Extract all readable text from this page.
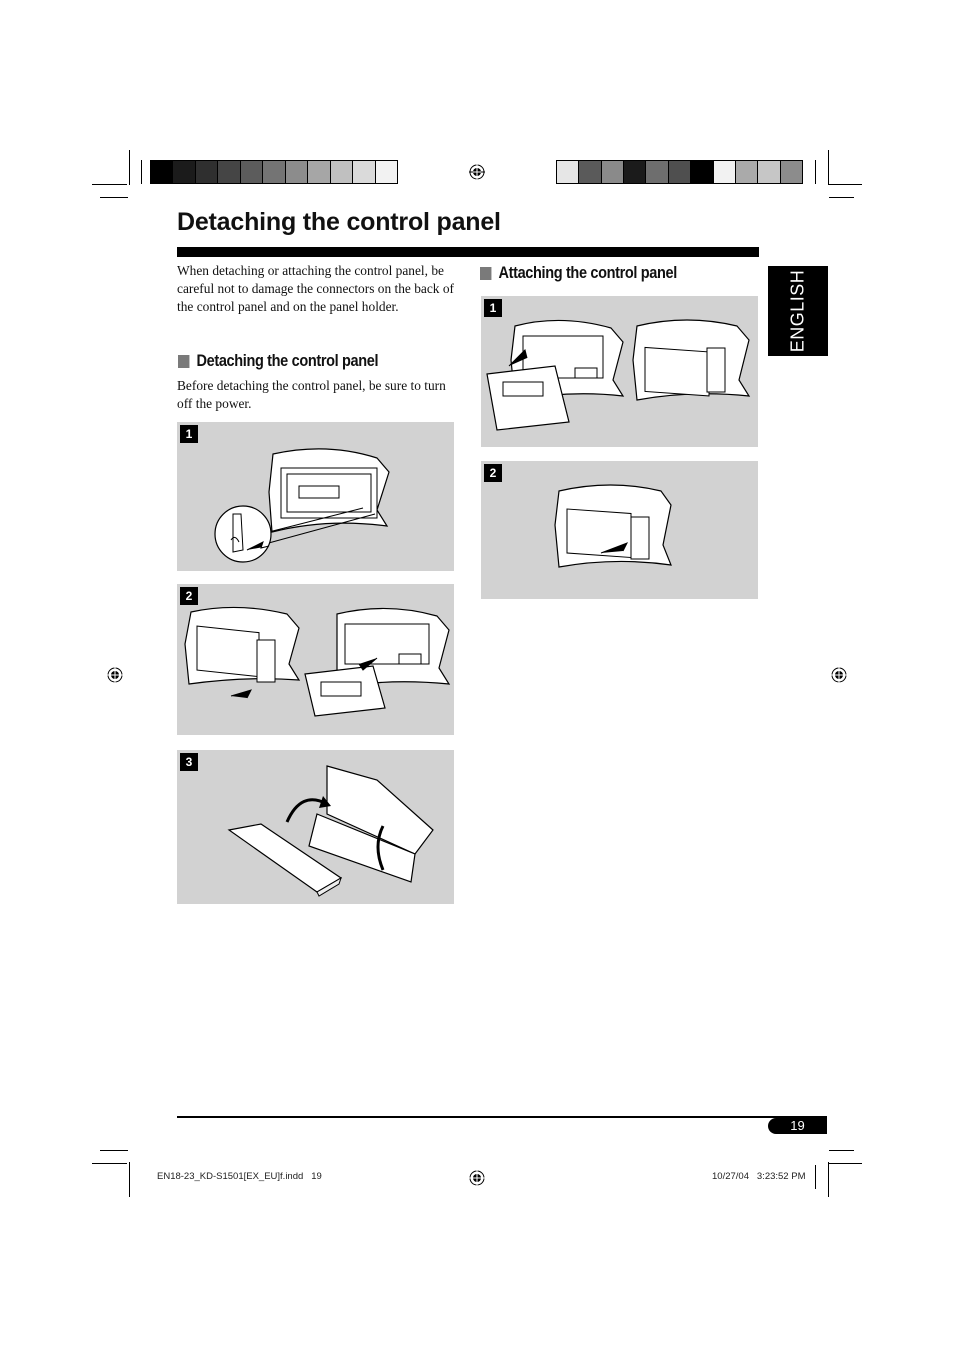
Detaching the control panel
When detaching or attaching the control panel, be careful not to damage the connectors on the back of the control panel and on the panel holder.
Detaching the control panel
Before detaching the control panel, be sure to turn off the power.
1
2
3
Attaching the control panel
1
2
ENGLISH
19
EN18-23_KD-S1501[EX_EU]f.indd   19	10/27/04   3:23:52 PM
